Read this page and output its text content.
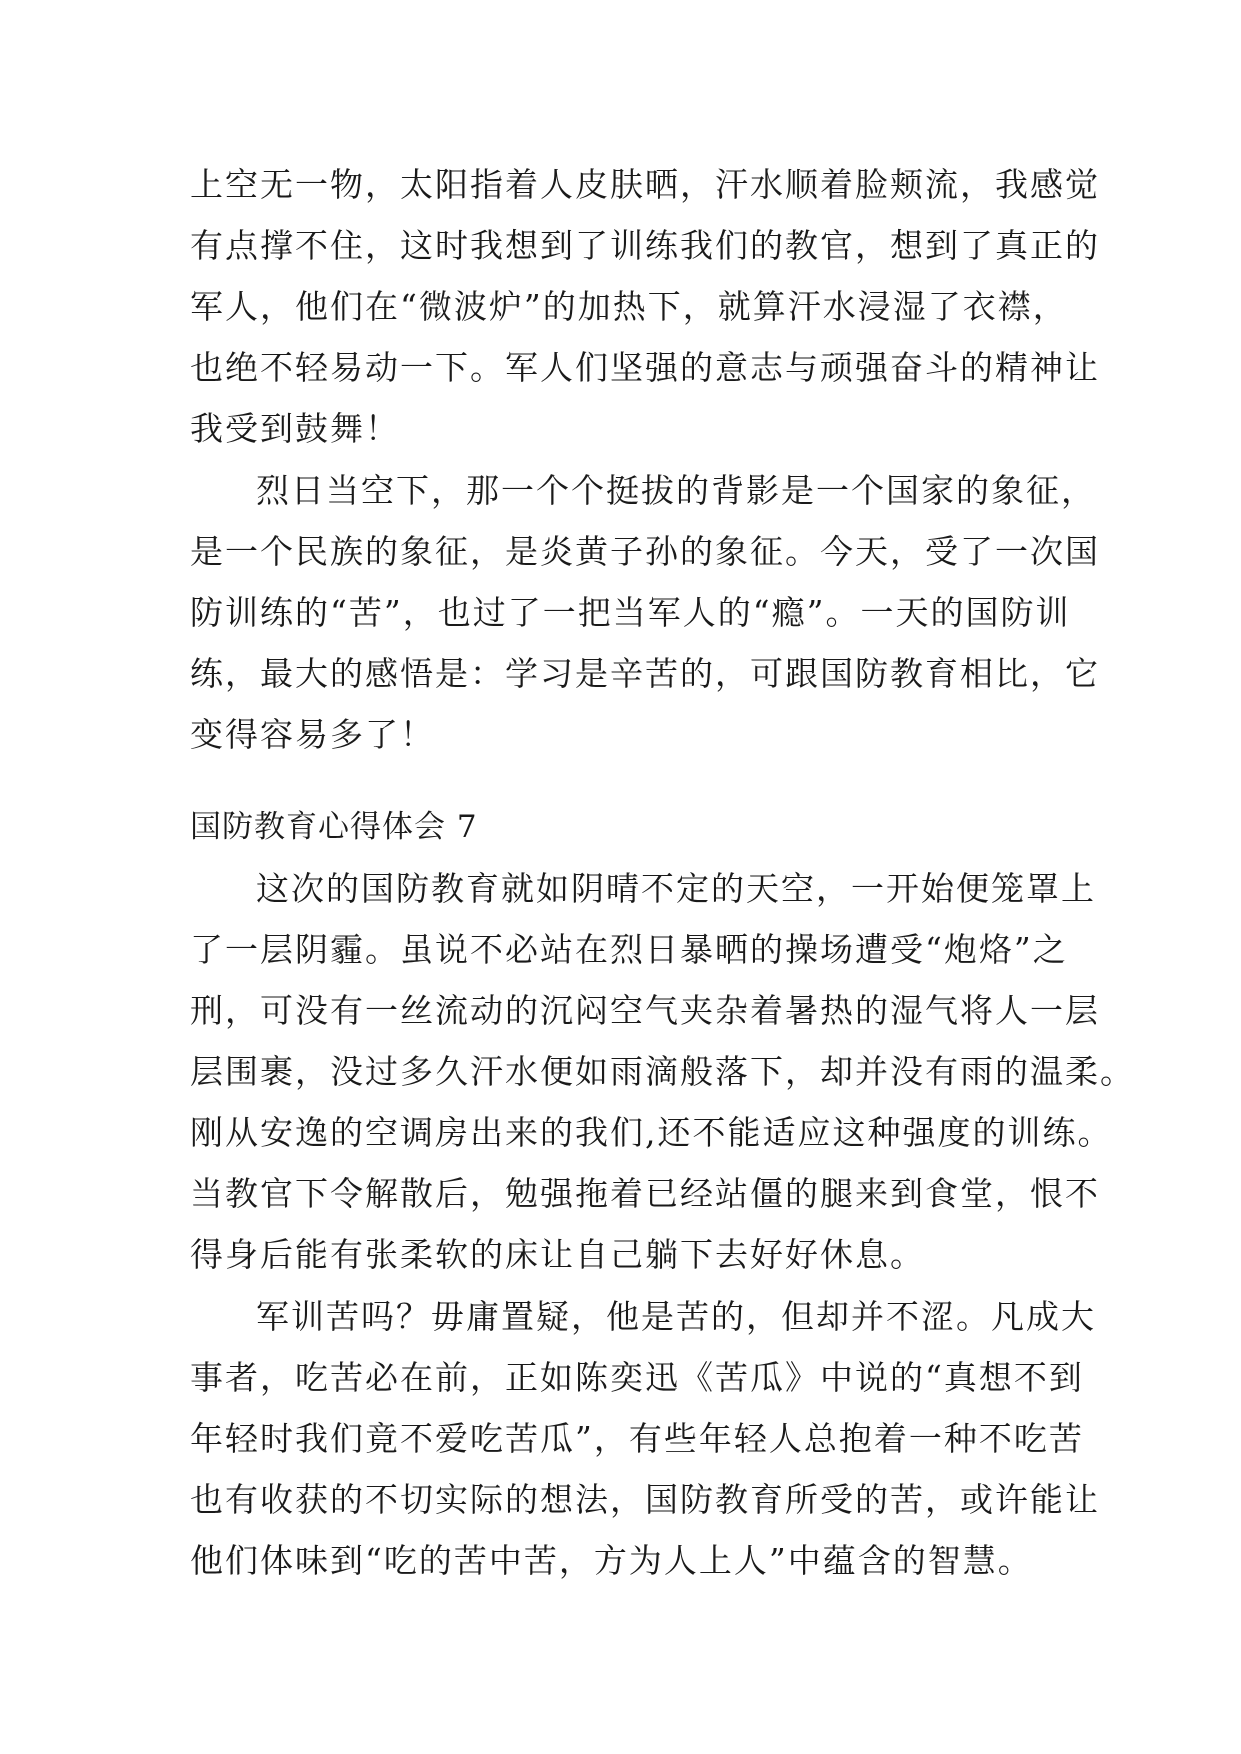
上空无一物，太阳指着人皮肤晒，汗水顺着脸颊流，我感觉
有点撑不住，这时我想到了训练我们的教官，想到了真正的
军人，他们在“微波炉”的加热下，就算汗水浸湿了衣襟，
也绝不轻易动一下。军人们坚强的意志与顽强奋斗的精神让
我受到鼓舞！
烈日当空下，那一个个挺拔的背影是一个国家的象征，
是一个民族的象征，是炎黄子孙的象征。今天，受了一次国
防训练的“苦”，也过了一把当军人的“瘾”。一天的国防训
练，最大的感悟是：学习是辛苦的，可跟国防教育相比，它
变得容易多了！
国防教育心得体会 7
这次的国防教育就如阴晴不定的天空，一开始便笼罩上
了一层阴霾。虽说不必站在烈日暴晒的操场遭受“炮烙”之
刑，可没有一丝流动的沉闷空气夹杂着暑热的湿气将人一层
层围裹，没过多久汗水便如雨滴般落下，却并没有雨的温柔。
刚从安逸的空调房出来的我们,还不能适应这种强度的训练。
当教官下令解散后，勉强拖着已经站僵的腿来到食堂，恨不
得身后能有张柔软的床让自己躺下去好好休息。
军训苦吗？毋庸置疑，他是苦的，但却并不涩。凡成大
事者，吃苦必在前，正如陈奕迅《苦瓜》中说的“真想不到
年轻时我们竟不爱吃苦瓜”，有些年轻人总抱着一种不吃苦
也有收获的不切实际的想法，国防教育所受的苦，或许能让
他们体味到“吃的苦中苦，方为人上人”中蕴含的智慧。
